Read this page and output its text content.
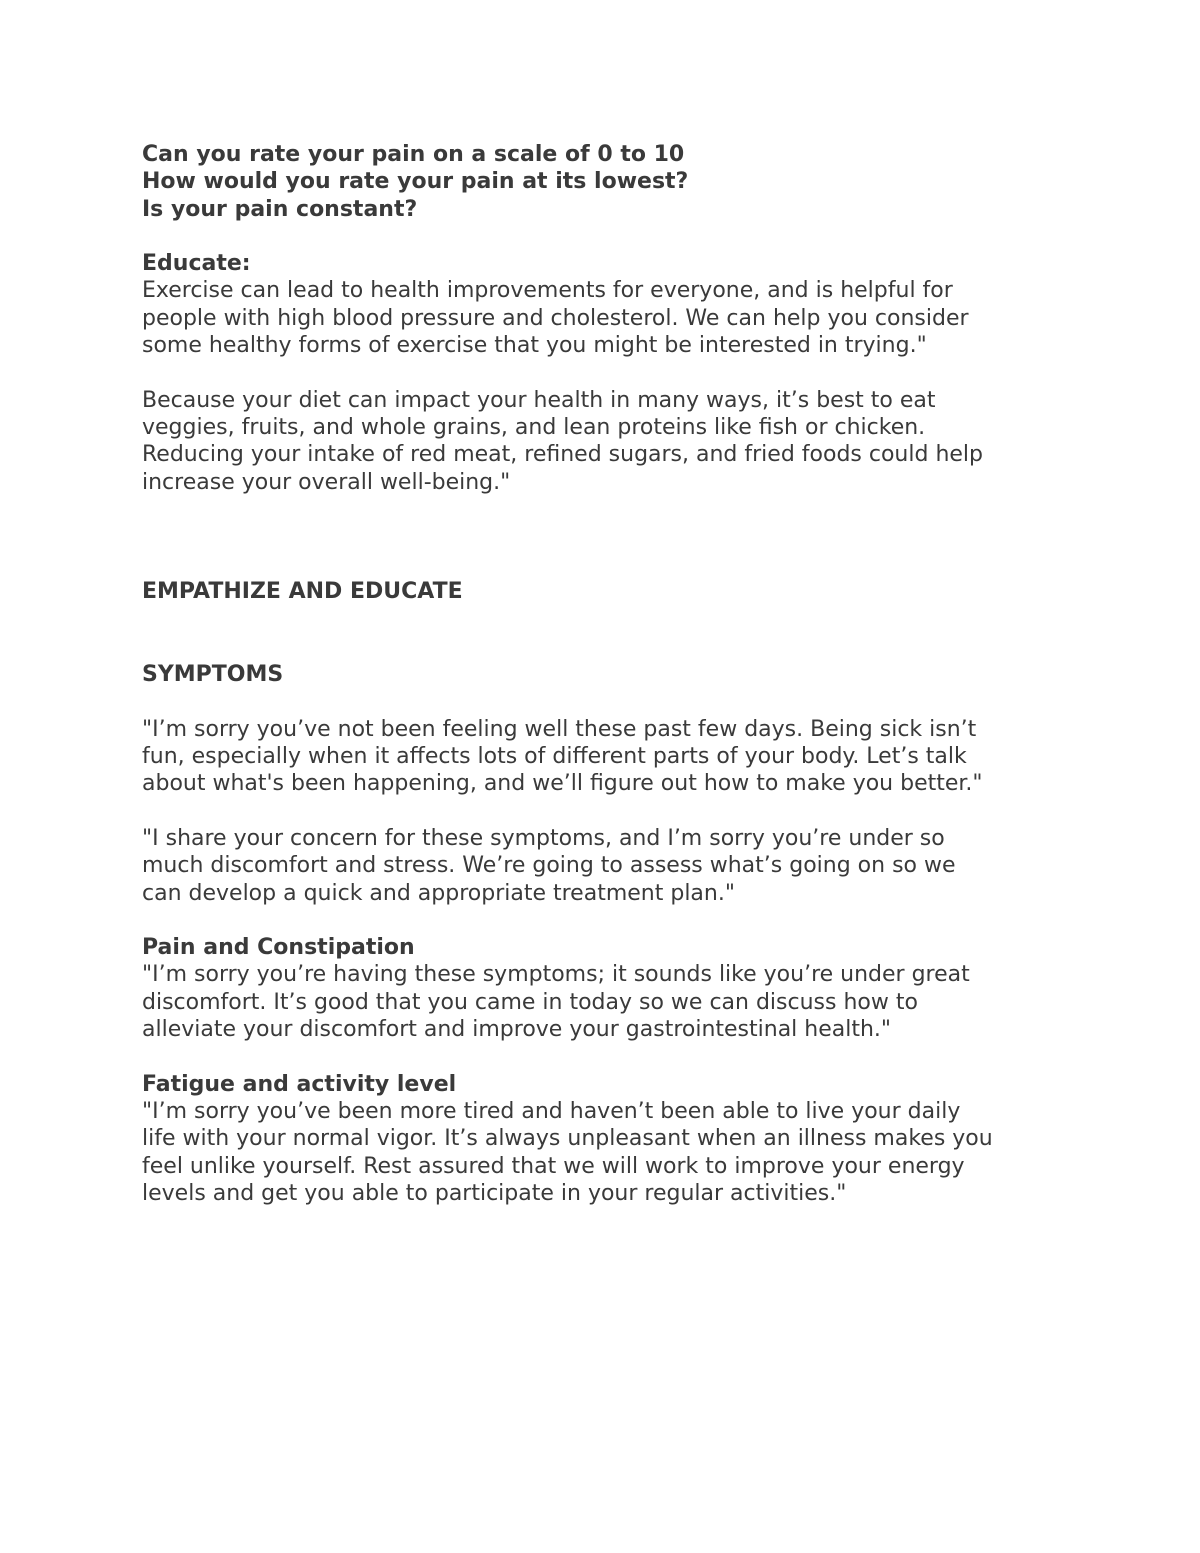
Can you rate your pain on a scale of 0 to 10
How would you rate your pain at its lowest?
Is your pain constant?
Educate:
Exercise can lead to health improvements for everyone, and is helpful for
people with high blood pressure and cholesterol. We can help you consider
some healthy forms of exercise that you might be interested in trying."
Because your diet can impact your health in many ways, it’s best to eat
veggies, fruits, and whole grains, and lean proteins like fish or chicken.
Reducing your intake of red meat, refined sugars, and fried foods could help
increase your overall well-being."
EMPATHIZE AND EDUCATE
SYMPTOMS
"I’m sorry you’ve not been feeling well these past few days. Being sick isn’t
fun, especially when it affects lots of different parts of your body. Let’s talk
about what's been happening, and we’ll figure out how to make you better."
"I share your concern for these symptoms, and I’m sorry you’re under so
much discomfort and stress. We’re going to assess what’s going on so we
can develop a quick and appropriate treatment plan."
Pain and Constipation
"I’m sorry you’re having these symptoms; it sounds like you’re under great
discomfort. It’s good that you came in today so we can discuss how to
alleviate your discomfort and improve your gastrointestinal health."
Fatigue and activity level
"I’m sorry you’ve been more tired and haven’t been able to live your daily
life with your normal vigor. It’s always unpleasant when an illness makes you
feel unlike yourself. Rest assured that we will work to improve your energy
levels and get you able to participate in your regular activities."
